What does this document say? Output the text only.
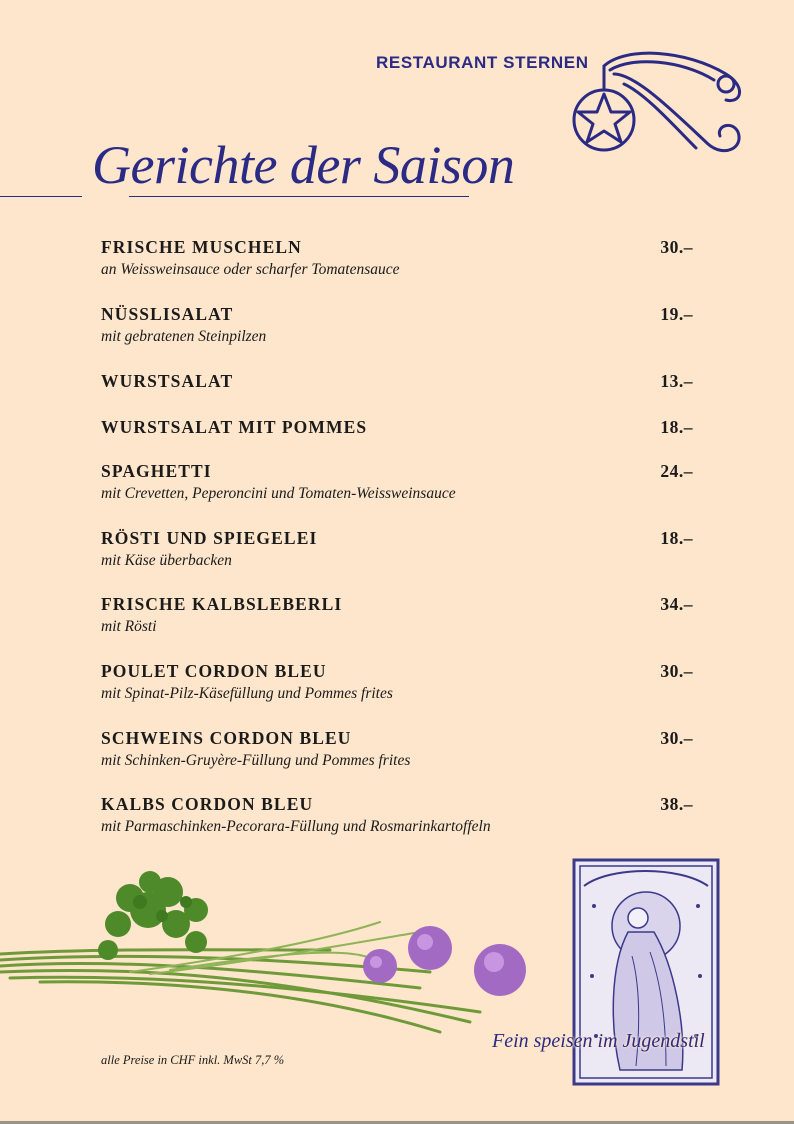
RESTAURANT STERNEN
Gerichte der Saison
FRISCHE MUSCHELN	30.–
an Weissweinsauce oder scharfer Tomatensauce
NÜSSLISALAT	19.–
mit gebratenen Steinpilzen
WURSTSALAT	13.–
WURSTSALAT MIT POMMES	18.–
SPAGHETTI	24.–
mit Crevetten, Peperoncini und Tomaten-Weissweinsauce
RÖSTI UND SPIEGELEI	18.–
mit Käse überbacken
FRISCHE KALBSLEBERLI	34.–
mit Rösti
POULET CORDON BLEU	30.–
mit Spinat-Pilz-Käsefüllung und Pommes frites
SCHWEINS CORDON BLEU	30.–
mit Schinken-Gruyère-Füllung und Pommes frites
KALBS CORDON BLEU	38.–
mit Parmaschinken-Pecorara-Füllung und Rosmarinkartoffeln
alle Preise in CHF inkl. MwSt 7,7 %
Fein speisen im Jugendstil
